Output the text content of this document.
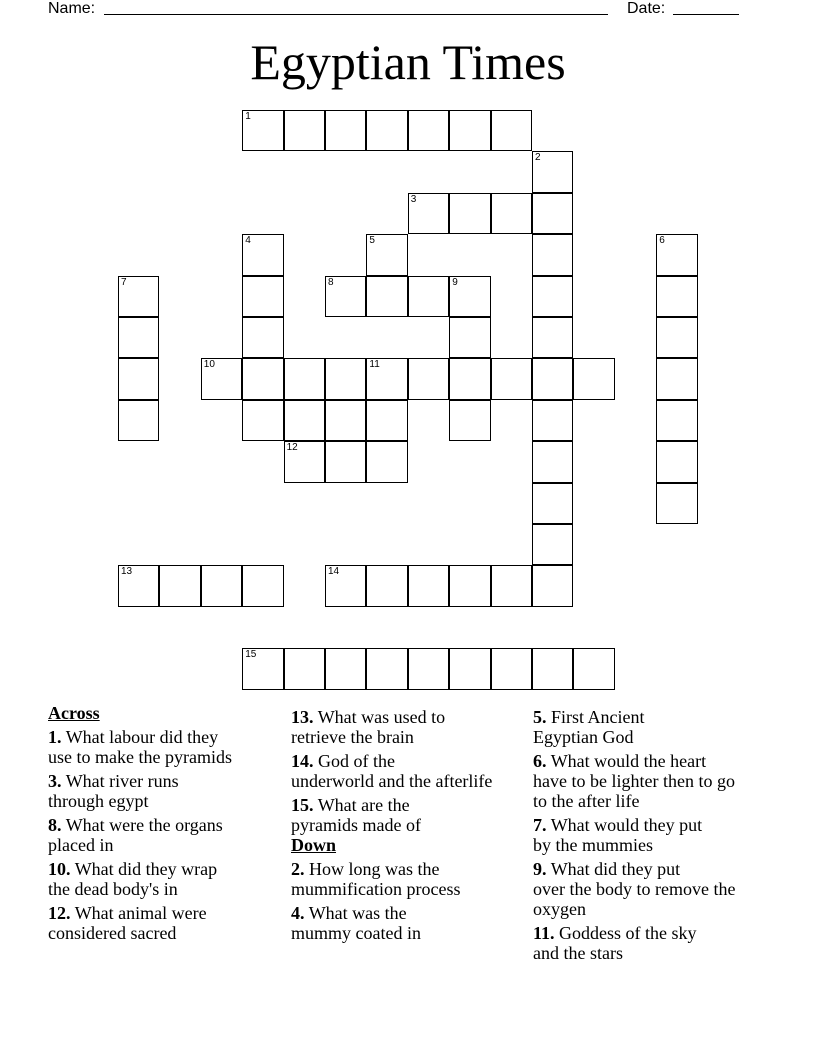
Name:	Date:
Egyptian Times
1
2
3
4	5	6
7	8	9
10	11
12
13	14
15
Across
1. What labour did they
use to make the pyramids
3. What river runs
through egypt
8. What were the organs
placed in
10. What did they wrap
the dead body's in
12. What animal were
considered sacred
13. What was used to
retrieve the brain
14. God of the
underworld and the afterlife
15. What are the
pyramids made of
Down
2. How long was the
mummification process
4. What was the
mummy coated in
5. First Ancient
Egyptian God
6. What would the heart
have to be lighter then to go
to the after life
7. What would they put
by the mummies
9. What did they put
over the body to remove the
oxygen
11. Goddess of the sky
and the stars
